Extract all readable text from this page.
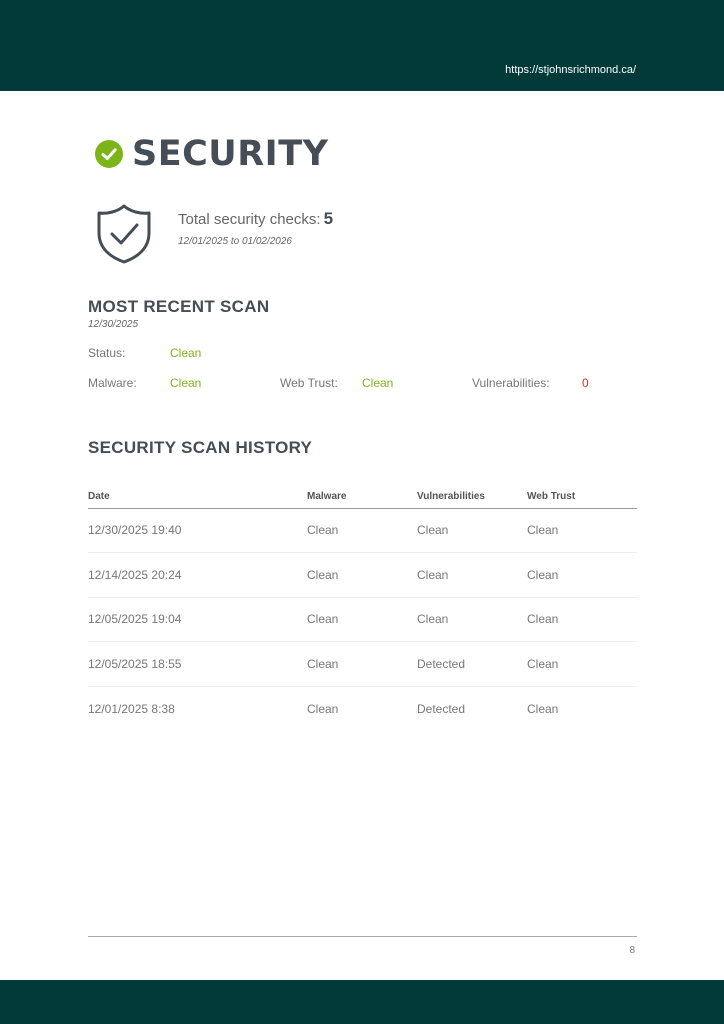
https://stjohnsrichmond.ca/
SECURITY
Total security checks: 5
12/01/2025 to 01/02/2026
MOST RECENT SCAN
12/30/2025
Status:	Clean
Malware:	Clean	Web Trust: Clean	Vulnerabilities:	0
SECURITY SCAN HISTORY
Date	Malware	Vulnerabilities	Web Trust
12/30/2025 19:40	Clean	Clean	Clean
12/14/2025 20:24	Clean	Clean	Clean
12/05/2025 19:04	Clean	Clean	Clean
12/05/2025 18:55	Clean	Detected	Clean
12/01/2025 8:38	Clean	Detected	Clean
8
